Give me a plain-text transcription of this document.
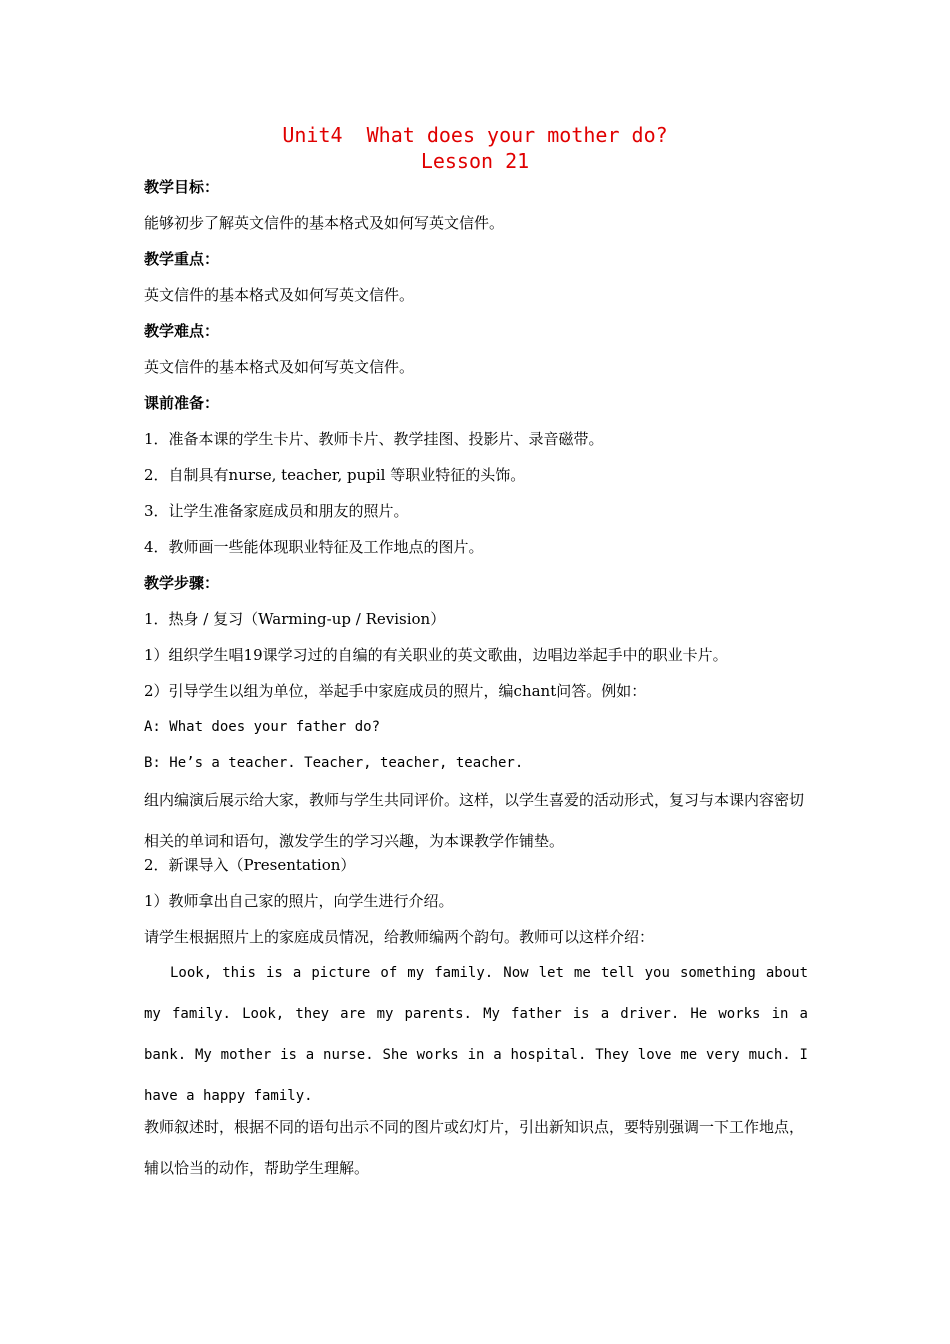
Unit4  What does your mother do?
Lesson 21
教学目标：
能够初步了解英文信件的基本格式及如何写英文信件。
教学重点：
英文信件的基本格式及如何写英文信件。
教学难点：
英文信件的基本格式及如何写英文信件。
课前准备：
1．准备本课的学生卡片、教师卡片、教学挂图、投影片、录音磁带。
2．自制具有nurse, teacher, pupil 等职业特征的头饰。
3．让学生准备家庭成员和朋友的照片。
4．教师画一些能体现职业特征及工作地点的图片。
教学步骤：
1．热身 / 复习（Warming-up / Revision）
1）组织学生唱19课学习过的自编的有关职业的英文歌曲，边唱边举起手中的职业卡片。
2）引导学生以组为单位，举起手中家庭成员的照片，编chant问答。例如：
A: What does your father do?
B: He’s a teacher. Teacher, teacher, teacher.
组内编演后展示给大家，教师与学生共同评价。这样，以学生喜爱的活动形式，复习与本课内容密切相关的单词和语句，激发学生的学习兴趣，为本课教学作铺垫。
2．新课导入（Presentation）
1）教师拿出自己家的照片，向学生进行介绍。
请学生根据照片上的家庭成员情况，给教师编两个韵句。教师可以这样介绍：
Look, this is a picture of my family. Now let me tell you something about my family. Look, they are my parents. My father is a driver. He works in a bank. My mother is a nurse. She works in a hospital. They love me very much. I have a happy family.
教师叙述时，根据不同的语句出示不同的图片或幻灯片，引出新知识点，要特别强调一下工作地点，辅以恰当的动作，帮助学生理解。
